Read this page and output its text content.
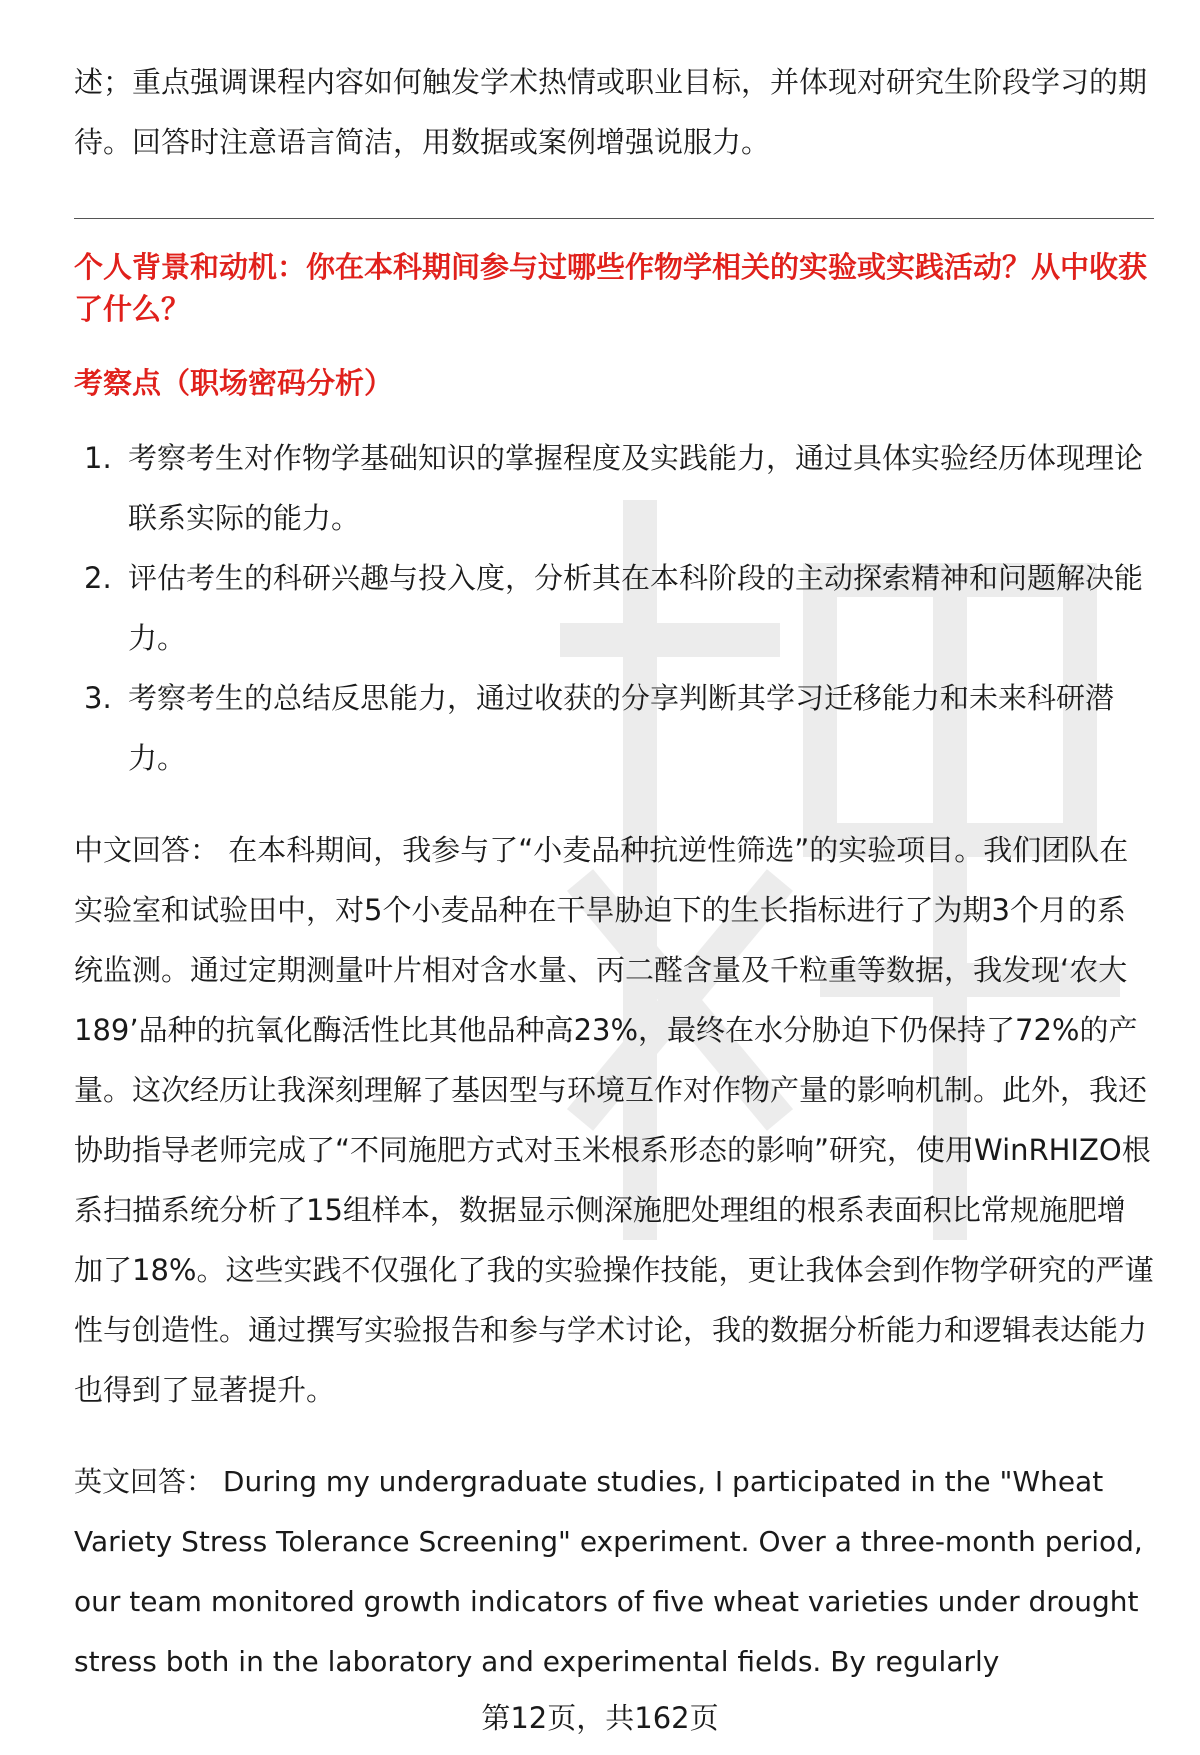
述；重点强调课程内容如何触发学术热情或职业目标，并体现对研究生阶段学习的期待。回答时注意语言简洁，用数据或案例增强说服力。

个人背景和动机：你在本科期间参与过哪些作物学相关的实验或实践活动？从中收获了什么？
考察点（职场密码分析）
1. 考察考生对作物学基础知识的掌握程度及实践能力，通过具体实验经历体现理论联系实际的能力。
2. 评估考生的科研兴趣与投入度，分析其在本科阶段的主动探索精神和问题解决能力。
3. 考察考生的总结反思能力，通过收获的分享判断其学习迁移能力和未来科研潜力。

中文回答： 在本科期间，我参与了“小麦品种抗逆性筛选”的实验项目。我们团队在实验室和试验田中，对5个小麦品种在干旱胁迫下的生长指标进行了为期3个月的系统监测。通过定期测量叶片相对含水量、丙二醛含量及千粒重等数据，我发现‘农大189’品种的抗氧化酶活性比其他品种高23%，最终在水分胁迫下仍保持了72%的产量。这次经历让我深刻理解了基因型与环境互作对作物产量的影响机制。此外，我还协助指导老师完成了“不同施肥方式对玉米根系形态的影响”研究，使用WinRHIZO根系扫描系统分析了15组样本，数据显示侧深施肥处理组的根系表面积比常规施肥增加了18%。这些实践不仅强化了我的实验操作技能，更让我体会到作物学研究的严谨性与创造性。通过撰写实验报告和参与学术讨论，我的数据分析能力和逻辑表达能力也得到了显著提升。

英文回答： During my undergraduate studies, I participated in the "Wheat Variety Stress Tolerance Screening" experiment. Over a three-month period, our team monitored growth indicators of five wheat varieties under drought stress both in the laboratory and experimental fields. By regularly

第12页，共162页
